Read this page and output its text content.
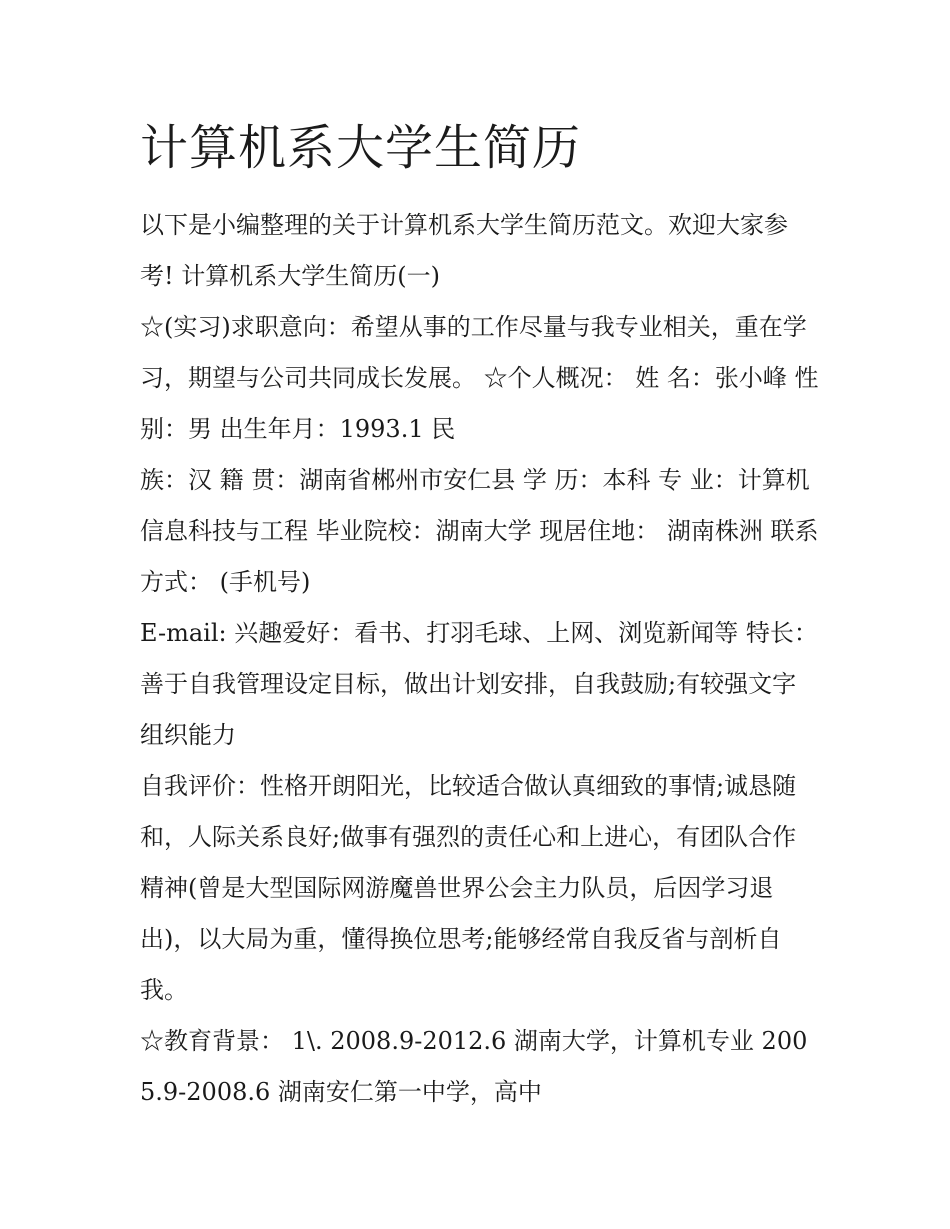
计算机系大学生简历

以下是小编整理的关于计算机系大学生简历范文。欢迎大家参考! 计算机系大学生简历(一)

☆(实习)求职意向：希望从事的工作尽量与我专业相关，重在学习，期望与公司共同成长发展。 ☆个人概况： 姓 名：张小峰 性 别：男 出生年月：1993.1 民

族：汉 籍 贯：湖南省郴州市安仁县 学 历：本科 专 业：计算机信息科技与工程 毕业院校：湖南大学 现居住地： 湖南株洲 联系方式： (手机号)

E-mail: 兴趣爱好：看书、打羽毛球、上网、浏览新闻等 特长：善于自我管理设定目标，做出计划安排，自我鼓励;有较强文字组织能力

自我评价：性格开朗阳光，比较适合做认真细致的事情;诚恳随和，人际关系良好;做事有强烈的责任心和上进心，有团队合作精神(曾是大型国际网游魔兽世界公会主力队员，后因学习退出)，以大局为重，懂得换位思考;能够经常自我反省与剖析自我。

☆教育背景： 1\. 2008.9-2012.6 湖南大学，计算机专业 2005.9-2008.6 湖南安仁第一中学，高中
